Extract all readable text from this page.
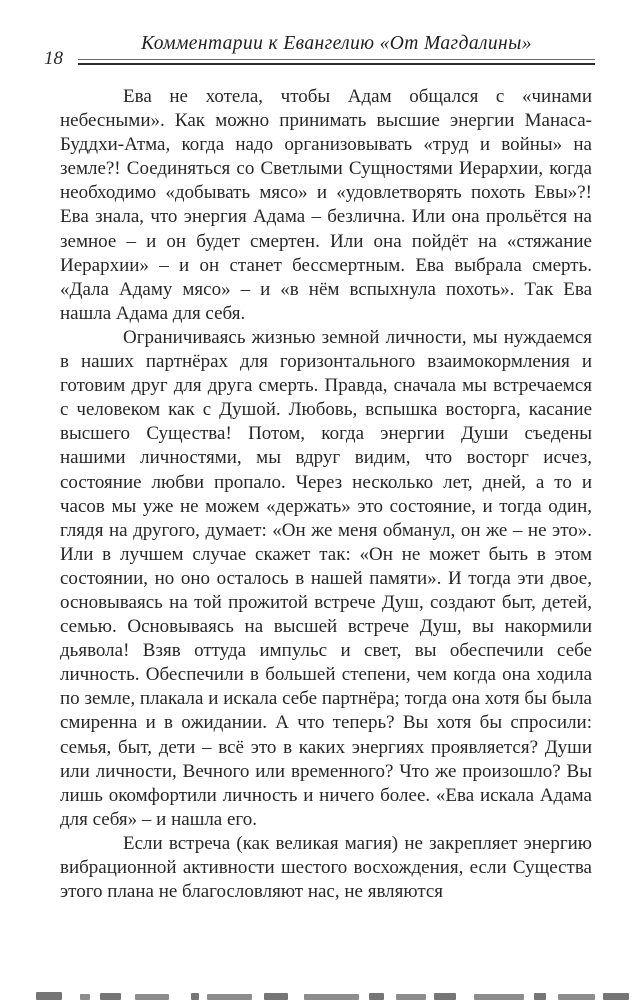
18
Комментарии к Евангелию «От Магдалины»

Ева не хотела, чтобы Адам общался с «чинами небесными». Как можно принимать высшие энергии Манаса-Буддхи-Атма, когда надо организовывать «труд и войны» на земле?! Соединяться со Светлыми Сущностями Иерархии, когда необходимо «добывать мясо» и «удовлетворять похоть Евы»?! Ева знала, что энергия Адама – безлична. Или она прольётся на земное – и он будет смертен. Или она пойдёт на «стяжание Иерархии» – и он станет бессмертным. Ева выбрала смерть. «Дала Адаму мясо» – и «в нём вспыхнула похоть». Так Ева нашла Адама для себя.

Ограничиваясь жизнью земной личности, мы нуждаемся в наших партнёрах для горизонтального взаимокормления и готовим друг для друга смерть. Правда, сначала мы встречаемся с человеком как с Душой. Любовь, вспышка восторга, касание высшего Существа! Потом, когда энергии Души съедены нашими личностями, мы вдруг видим, что восторг исчез, состояние любви пропало. Через несколько лет, дней, а то и часов мы уже не можем «держать» это состояние, и тогда один, глядя на другого, думает: «Он же меня обманул, он же – не это». Или в лучшем случае скажет так: «Он не может быть в этом состоянии, но оно осталось в нашей памяти». И тогда эти двое, основываясь на той прожитой встрече Душ, создают быт, детей, семью. Основываясь на высшей встрече Душ, вы накормили дьявола! Взяв оттуда импульс и свет, вы обеспечили себе личность. Обеспечили в большей степени, чем когда она ходила по земле, плакала и искала себе партнёра; тогда она хотя бы была смиренна и в ожидании. А что теперь? Вы хотя бы спросили: семья, быт, дети – всё это в каких энергиях проявляется? Души или личности, Вечного или временного? Что же произошло? Вы лишь окомфортили личность и ничего более. «Ева искала Адама для себя» – и нашла его.

Если встреча (как великая магия) не закрепляет энергию вибрационной активности шестого восхождения, если Существа этого плана не благословляют нас, не являются
